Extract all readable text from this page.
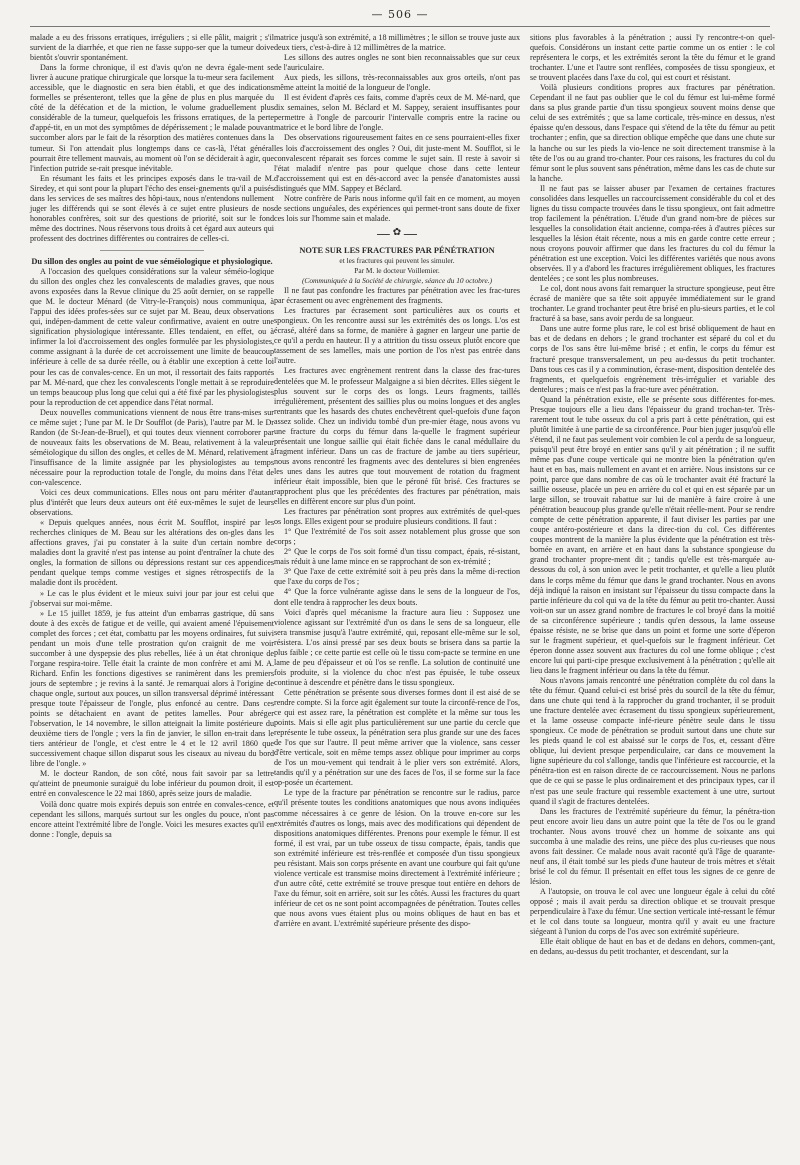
— 506 —

malade a eu des frissons erratiques, irréguliers ; si elle pâlit, maigrit ; s'il survient de la diarrhée, et que rien ne fasse suppo-ser que la tumeur doive bientôt s'ouvrir spontanément.

Dans la forme chronique, il est d'avis qu'on ne devra égale-ment se livrer à aucune pratique chirurgicale que lorsque la tu-meur sera facilement accessible, que le diagnostic en sera bien établi, et que des indications formelles se présenteront, telles que la gêne de plus en plus marquée du côté de la défécation et de la miction, le volume graduellement plus considérable de la tumeur, quelquefois les frissons erratiques, de la perte d'appé-tit, en un mot des symptômes de dépérissement ; le malade pouvant succomber alors par le fait de la résorption des matières contenues dans la tumeur. Si l'on attendait plus longtemps dans ce cas-là, l'état général pourrait être tellement mauvais, au moment où l'on se déciderait à agir, que l'infection putride se-rait presque inévitable.

En résumant les faits et les principes exposés dans le tra-vail de M. Siredey, et qui sont pour la plupart l'écho des ensei-gnements qu'il a puisés dans les services de ses maîtres des hôpi-taux, nous n'entendons nullement juger les différends qui se sont élevés à ce sujet entre plusieurs de nos honorables confrères, soit sur des questions de priorité, soit sur le fond même des doctrines. Nous réservons tous droits à cet égard aux auteurs qui professent des doctrines différentes ou contraires de celles-ci.

Du sillon des ongles au point de vue séméiologique et physiologique.

A l'occasion des quelques considérations sur la valeur séméio-logique du sillon des ongles chez les convalescents de maladies graves, que nous avons exposées dans la Revue clinique du 25 août dernier, on se rappelle que M. le docteur Ménard (de Vitry-le-François) nous communiqua, à l'appui des idées profes-sées sur ce sujet par M. Beau, deux observations qui, indépen-damment de cette valeur confirmative, avaient en outre une signification physiologique intéressante. Elles tendaient, en effet, ou à infirmer la loi d'accroissement des ongles formulée par les physiologistes, comme assignant à la durée de cet accroissement une limite de beaucoup inférieure à celle de sa durée réelle, ou à établir une exception à cette loi pour les cas de convales-cence. En un mot, il ressortait des faits rapportés par M. Mé-nard, que chez les convalescents l'ongle mettait à se reproduire un temps beaucoup plus long que celui qui a été fixé par les physiologistes pour la reproduction de cet appendice dans l'état normal.

Deux nouvelles communications viennent de nous être trans-mises sur ce même sujet ; l'une par M. le Dr Soufflot (de Paris), l'autre par M. le Dr Randon (de St-Jean-de-Bruel), et qui toutes deux viennent corroborer par de nouveaux faits les observations de M. Beau, relativement à la valeur séméiologique du sillon des ongles, et celles de M. Ménard, relativement à l'insuffisance de la limite assignée par les physiologistes au temps nécessaire pour la reproduction totale de l'ongle, du moins dans l'état de con-valescence.

Voici ces deux communications. Elles nous ont paru mériter d'autant plus d'intérêt que leurs deux auteurs ont été eux-mêmes le sujet de leurs observations.

« Depuis quelques années, nous écrit M. Soufflot, inspiré par les recherches cliniques de M. Beau sur les altérations des on-gles dans les affections graves, j'ai pu constater à la suite d'un certain nombre de maladies dont la gravité n'est pas intense au point d'entraîner la chute des ongles, la formation de sillons ou dépressions restant sur ces appendices pendant quelque temps comme vestiges et signes rétrospectifs de la maladie dont ils procèdent.

» Le cas le plus évident et le mieux suivi jour par jour est celui que j'observai sur moi-même.

» Le 15 juillet 1859, je fus atteint d'un embarras gastrique, dû sans doute à des excès de fatigue et de veille, qui avaient amené l'épuisement complet des forces ; cet état, combattu par les moyens ordinaires, fut suivi pendant un mois d'une telle prostration qu'on craignit de me voir succomber à une dyspepsie des plus rebelles, liée à un état chronique de l'organe respira-toire. Telle était la crainte de mon confrère et ami M. A. Richard. Enfin les fonctions digestives se ranimèrent dans les premiers jours de septembre ; je revins à la santé. Je remarquai alors à l'origine de chaque ongle, surtout aux pouces, un sillon transversal déprimé intéressant presque toute l'épaisseur de l'ongle, plus enfoncé au centre. Dans ces points se détachaient en avant de petites lamelles. Pour abréger l'observation, le 14 novembre, le sillon atteignait la limite postérieure du deuxième tiers de l'ongle ; vers la fin de janvier, le sillon en-trait dans le tiers antérieur de l'ongle, et c'est entre le 4 et le 12 avril 1860 que successivement chaque sillon disparut sous les ciseaux au niveau du bord libre de l'ongle. »

M. le docteur Randon, de son côté, nous fait savoir par sa lettre qu'atteint de pneumonie suraiguë du lobe inférieur du poumon droit, il est entré en convalescence le 22 mai 1860, après seize jours de maladie.

Voilà donc quatre mois expirés depuis son entrée en convales-cence, et cependant les sillons, marqués surtout sur les ongles du pouce, n'ont pas encore atteint l'extrémité libre de l'ongle. Voici les mesures exactes qu'il en donne : l'ongle, depuis sa

matrice jusqu'à son extrémité, a 18 millimètres ; le sillon se trouve juste aux deux tiers, c'est-à-dire à 12 millimètres de la matrice.

Les sillons des autres ongles ne sont bien reconnaissables que sur ceux de l'auriculaire.

Aux pieds, les sillons, très-reconnaissables aux gros orteils, n'ont pas même atteint la moitié de la longueur de l'ongle.

Il est évident d'après ces faits, comme d'après ceux de M. Mé-nard, que dix semaines, selon M. Béclard et M. Sappey, seraient insuffisantes pour permettre à l'ongle de parcourir l'intervalle compris entre la racine ou matrice et le bord libre de l'ongle.

Des observations rigoureusement faites en ce sens pourraient-elles fixer les lois d'accroissement des ongles ? Oui, dit juste-ment M. Soufflot, si le convalescent réparait ses forces comme le sujet sain. Il reste à savoir si l'état maladif n'entre pas pour quelque chose dans cette lenteur d'accroissement qui est en dés-accord avec la pensée d'anatomistes aussi distingués que MM. Sappey et Béclard.

Notre confrère de Paris nous informe qu'il fait en ce moment, au moyen de sections unguéales, des expériences qui permet-tront sans doute de fixer ces lois sur l'homme sain et malade.

✿

NOTE SUR LES FRACTURES PAR PÉNÉTRATION

et les fractures qui peuvent les simuler.

Par M. le docteur Voillemier.

(Communiquée à la Société de chirurgie, séance du 10 octobre.)

Il ne faut pas confondre les fractures par pénétration avec les frac-tures par écrasement ou avec engrènement des fragments.

Les fractures par écrasement sont particulières aux os courts et spongieux. On les rencontre aussi sur les extrémités des os longs. L'os est écrasé, altéré dans sa forme, de manière à gagner en largeur une partie de ce qu'il a perdu en hauteur. Il y a attrition du tissu osseux plutôt encore que tassement de ses lamelles, mais une portion de l'os n'est pas entrée dans l'autre.

Les fractures avec engrènement rentrent dans la classe des frac-tures dentelées que M. le professeur Malgaigne a si bien décrites. Elles siègent le plus souvent sur le corps des os longs. Leurs fragments, taillés irrégulièrement, présentent des saillies plus ou moins longues et des angles rentrants que les hasards des chutes enchevêtrent quel-quefois d'une façon assez solide. Chez un individu tombé d'un pre-mier étage, nous avons vu une fracture du corps du fémur dans la-quelle le fragment supérieur présentait une longue saillie qui était fichée dans le canal médullaire du fragment inférieur. Dans un cas de fracture de jambe au tiers supérieur, nous avons rencontré les fragments avec des dentelures si bien engrenées les unes dans les autres que tout mouvement de rotation du fragment inférieur était impossible, bien que le péroné fût brisé. Ces fractures se rapprochent plus que les précédentes des fractures par pénétration, mais elles en diffèrent encore sur plus d'un point.

Les fractures par pénétration sont propres aux extrémités de quel-ques os longs. Elles exigent pour se produire plusieurs conditions. Il faut :

1° Que l'extrémité de l'os soit assez notablement plus grosse que son corps ;

2° Que le corps de l'os soit formé d'un tissu compact, épais, ré-sistant, mais réduit à une lame mince en se rapprochant de son ex-trémité ;

3° Que l'axe de cette extrémité soit à peu près dans la même di-rection que l'axe du corps de l'os ;

4° Que la force vulnérante agisse dans le sens de la longueur de l'os, dont elle tendra à rapprocher les deux bouts.

Voici d'après quel mécanisme la fracture aura lieu : Supposez une violence agissant sur l'extrémité d'un os dans le sens de sa longueur, elle sera transmise jusqu'à l'autre extrémité, qui, reposant elle-même sur le sol, résistera. L'os ainsi pressé par ses deux bouts se brisera dans sa partie la plus faible ; ce cette partie est celle où le tissu com-pacte se termine en une lame de peu d'épaisseur et où l'os se renfle. La solution de continuité une fois produite, si la violence du choc n'est pas épuisée, le tube osseux continue à descendre et pénètre dans le tissu spongieux.

Cette pénétration se présente sous diverses formes dont il est aisé de se rendre compte. Si la force agit également sur toute la circonfé-rence de l'os, ce qui est assez rare, la pénétration est complète et la même sur tous les points. Mais si elle agit plus particulièrement sur une partie du cercle que représente le tube osseux, la pénétration sera plus grande sur une des faces de l'os que sur l'autre. Il peut même arriver que la violence, sans cesser d'être verticale, soit en même temps assez oblique pour imprimer au corps de l'os un mou-vement qui tendrait à le plier vers son extrémité. Alors, tandis qu'il y a pénétration sur une des faces de l'os, il se forme sur la face op-posée un écartement.

Le type de la fracture par pénétration se rencontre sur le radius, parce qu'il présente toutes les conditions anatomiques que nous avons indiquées comme nécessaires à ce genre de lésion. On la trouve en-core sur les extrémités d'autres os longs, mais avec des modifications qui dépendent de dispositions anatomiques différentes. Prenons pour exemple le fémur. Il est formé, il est vrai, par un tube osseux de tissu compacte, épais, tandis que son extrémité inférieure est très-renflée et composée d'un tissu spongieux peu résistant. Mais son corps présente en avant une courbure qui fait qu'une violence verticale est transmise moins directement à l'extrémité inférieure ; d'un autre côté, cette extrémité se trouve presque tout entière en dehors de l'axe du fémur, soit en arrière, soit sur les côtés. Aussi les fractures du quart inférieur de cet os ne sont point accompagnées de pénétration. Toutes celles que nous avons vues étaient plus ou moins obliques de haut en bas et d'arrière en avant. L'extrémité supérieure présente des dispo-

sitions plus favorables à la pénétration ; aussi l'y rencontre-t-on quel-quefois. Considérons un instant cette partie comme un os entier : le col représentera le corps, et les extrémités seront la tête du fémur et le grand trochanter. L'une et l'autre sont renflées, composées de tissu spongieux, et se trouvent placées dans l'axe du col, qui est court et résistant.

Voilà plusieurs conditions propres aux fractures par pénétration. Cependant il ne faut pas oublier que le col du fémur est lui-même formé dans sa plus grande partie d'un tissu spongieux souvent moins dense que celui de ses extrémités ; que sa lame corticale, très-mince en dessus, n'est épaisse qu'en dessous, dans l'espace qui s'étend de la tête du fémur au petit trochanter ; enfin, que sa direction oblique empêche que dans une chute sur la hanche ou sur les pieds la vio-lence ne soit directement transmise à la tête de l'os ou au grand tro-chanter. Pour ces raisons, les fractures du col du fémur sont le plus souvent sans pénétration, même dans les cas de chute sur la hanche.

Il ne faut pas se laisser abuser par l'examen de certaines fractures consolidées dans lesquelles un raccourcissement considérable du col et des lignes du tissu compacte trouvées dans le tissu spongieux, ont fait admettre trop facilement la pénétration. L'étude d'un grand nom-bre de pièces sur lesquelles la consolidation était ancienne, compa-rées à d'autres pièces sur lesquelles la lésion était récente, nous a mis en garde contre cette erreur ; nous croyons pouvoir affirmer que dans les fractures du col du fémur la pénétration est une exception. Voici les différentes variétés que nous avons observées. Il y a d'abord les fractures irrégulièrement obliques, les fractures dentelées ; ce sont les plus nombreuses.

Le col, dont nous avons fait remarquer la structure spongieuse, peut être écrasé de manière que sa tête soit appuyée immédiatement sur le grand trochanter. Le grand trochanter peut être brisé en plu-sieurs parties, et le col fracturé à sa base, sans avoir perdu de sa longueur.

Dans une autre forme plus rare, le col est brisé obliquement de haut en bas et de dedans en dehors ; le grand trochanter est séparé du col et du corps de l'os sans être lui-même brisé ; et enfin, le corps du fémur est fracturé presque transversalement, un peu au-dessus du petit trochanter. Dans tous ces cas il y a comminution, écrase-ment, disposition dentelée des fragments, et quelquefois engrènement très-irrégulier et variable des dentelures ; mais ce n'est pas la frac-ture avec pénétration.

Quand la pénétration existe, elle se présente sous différentes for-mes. Presque toujours elle a lieu dans l'épaisseur du grand trochan-ter. Très-rarement tout le tube osseux du col a pris part à cette pénétration, qui est plutôt limitée à une partie de sa circonférence. Pour bien juger jusqu'où elle s'étend, il ne faut pas seulement voir combien le col a perdu de sa longueur, puisqu'il peut être broyé en entier sans qu'il y ait pénétration ; il ne suffit même pas d'une coupe verticale qui ne montre bien la pénétration qu'en haut et en bas, mais nullement en avant et en arrière. Nous insistons sur ce point, parce que dans nombre de cas où le trochanter avait été fracturé la saillie osseuse, placée un peu en arrière du col et qui en est séparée par un large sillon, se trouvait rabattue sur lui de manière à faire croire à une pénétration beaucoup plus grande qu'elle n'était réelle-ment. Pour se rendre compte de cette pénétration apparente, il faut diviser les parties par une coupe antéro-postérieure et dans la direc-tion du col. Ces différentes coupes montrent de la manière la plus évidente que la pénétration est très-bornée en avant, en arrière et en haut dans la substance spongieuse du grand trochanter propre-ment dit ; tandis qu'elle est très-marquée au-dessous du col, à son union avec le petit trochanter, et qu'elle a lieu plutôt dans le corps même du fémur que dans le grand trochanter. Nous en avons déjà indiqué la raison en insistant sur l'épaisseur du tissu compacte dans la partie inférieure du col qui va de la tête du fémur au petit tro-chanter. Aussi voit-on sur un assez grand nombre de fractures le col broyé dans la moitié de sa circonférence supérieure ; tandis qu'en dessous, la lame osseuse épaisse résiste, ne se brise que dans un point et forme une sorte d'éperon sur le fragment supérieur, et quel-quefois sur le fragment inférieur. Cet éperon donne assez souvent aux fractures du col une forme oblique ; c'est encore lui qui parti-cipe presque exclusivement à la pénétration ; qu'elle ait lieu dans le fragment inférieur ou dans la tête du fémur.

Nous n'avons jamais rencontré une pénétration complète du col dans la tête du fémur. Quand celui-ci est brisé près du sourcil de la tête du fémur, dans une chute qui tend à la rapprocher du grand trochanter, il se produit une fracture dentelée avec écrasement du tissu spongieux supérieurement, et la lame osseuse compacte infé-rieure pénètre seule dans le tissu spongieux. Ce mode de pénétration se produit surtout dans une chute sur les pieds quand le col est abaissé sur le corps de l'os, et, cessant d'être oblique, lui devient presque perpendiculaire, car dans ce mouvement la ligne supérieure du col s'allonge, tandis que l'inférieure est raccourcie, et la pénétra-tion est en raison directe de ce raccourcissement. Nous ne parlons que de ce qui se passe le plus ordinairement et des principaux types, car il n'est pas une seule fracture qui ressemble exactement à une utre, surtout quand il s'agit de fractures dentelées.

Dans les fractures de l'extrémité supérieure du fémur, la pénétra-tion peut encore avoir lieu dans un autre point que la tête de l'os ou le grand trochanter. Nous avons trouvé chez un homme de soixante ans qui succomba à une maladie des reins, une pièce des plus cu-rieuses que nous avons fait dessiner. Ce malade nous avait raconté qu'à l'âge de quarante-neuf ans, il était tombé sur les pieds d'une hauteur de trois mètres et s'était brisé le col du fémur. Il présentait en effet tous les signes de ce genre de lésion.

A l'autopsie, on trouva le col avec une longueur égale à celui du côté opposé ; mais il avait perdu sa direction oblique et se trouvait presque perpendiculaire à l'axe du fémur. Une section verticale inté-ressant le fémur et le col dans toute sa longueur, montra qu'il y avait eu une fracture siégeant à l'union du corps de l'os avec son extrémité supérieure.

Elle était oblique de haut en bas et de dedans en dehors, commen-çant, en dedans, au-dessus du petit trochanter, et descendant, sur la
